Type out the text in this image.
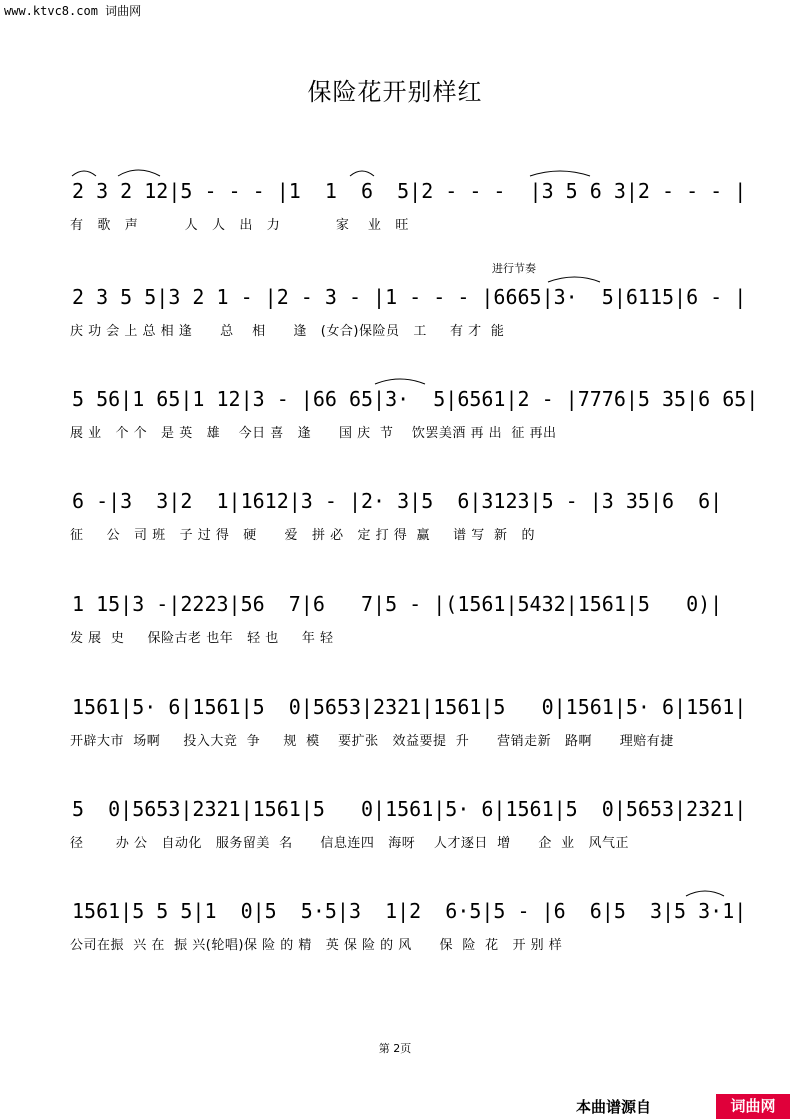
www.ktvc8.com 词曲网
保险花开别样红
2 3 2 12|5 - - - |1  1  6  5|2 - - -  |3 5 6 3|2 - - - |
有   歌   声          人   人   出   力            家    业   旺
进行节奏
2 3 5 5|3 2 1 - |2 - 3 - |1 - - - |6665|3·  5|6115|6 - |
庆 功 会 上 总 相 逢      总    相      逢   (女合)保险员   工     有 才  能
5 56|1 65|1 12|3 - |66 65|3·  5|6561|2 - |7776|5 35|6 65|
展 业   个 个   是 英   雄    今日 喜   逢      国 庆  节    饮罢美酒 再 出  征 再出
6 -|3  3|2  1|1612|3 - |2· 3|5  6|3123|5 - |3 35|6  6|
征     公   司 班   子 过 得   硬      爱   拼 必   定 打 得  赢     谱 写  新   的
1 15|3 -|2223|56  7|6   7|5 - |(1561|5432|1561|5   0)|
发 展  史     保险古老 也年   轻 也     年 轻
1561|5· 6|1561|5  0|5653|2321|1561|5   0|1561|5· 6|1561|
开辟大市  场啊     投入大竞  争     规  模    要扩张   效益要提  升      营销走新   路啊      理赔有捷
5  0|5653|2321|1561|5   0|1561|5· 6|1561|5  0|5653|2321|
径       办 公   自动化   服务留美  名      信息连四   海呀    人才逐日  增      企  业   风气正
1561|5 5 5|1  0|5  5·5|3  1|2  6·5|5 - |6  6|5  3|5 3·1|
公司在振  兴 在  振 兴(轮唱)保 险 的 精   英 保 险 的 风      保  险  花   开 别 样
第 2页
本曲谱源自	词曲网
